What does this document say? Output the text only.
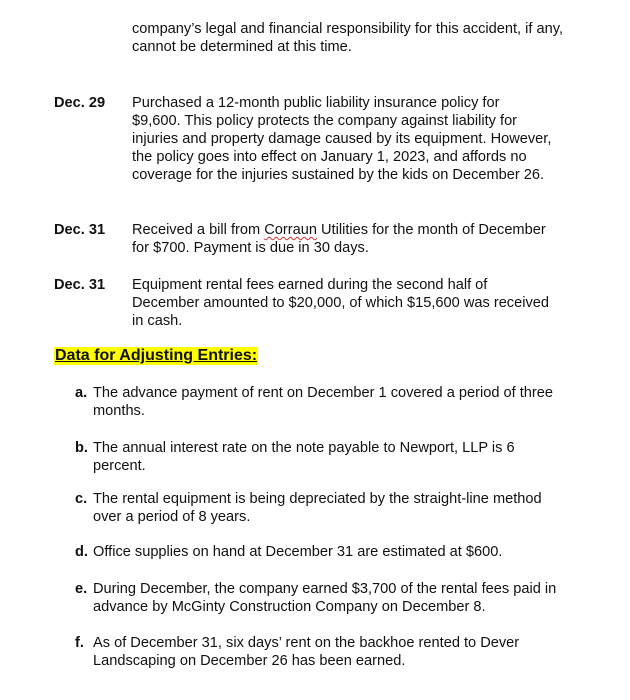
company’s legal and financial responsibility for this accident, if any, cannot be determined at this time.
Dec. 29	Purchased a 12-month public liability insurance policy for $9,600. This policy protects the company against liability for injuries and property damage caused by its equipment. However, the policy goes into effect on January 1, 2023, and affords no coverage for the injuries sustained by the kids on December 26.
Dec. 31	Received a bill from Corraun Utilities for the month of December for $700. Payment is due in 30 days.
Dec. 31	Equipment rental fees earned during the second half of December amounted to $20,000, of which $15,600 was received in cash.
Data for Adjusting Entries:
a. The advance payment of rent on December 1 covered a period of three months.
b. The annual interest rate on the note payable to Newport, LLP is 6 percent.
c. The rental equipment is being depreciated by the straight-line method over a period of 8 years.
d. Office supplies on hand at December 31 are estimated at $600.
e. During December, the company earned $3,700 of the rental fees paid in advance by McGinty Construction Company on December 8.
f. As of December 31, six days’ rent on the backhoe rented to Dever Landscaping on December 26 has been earned.
